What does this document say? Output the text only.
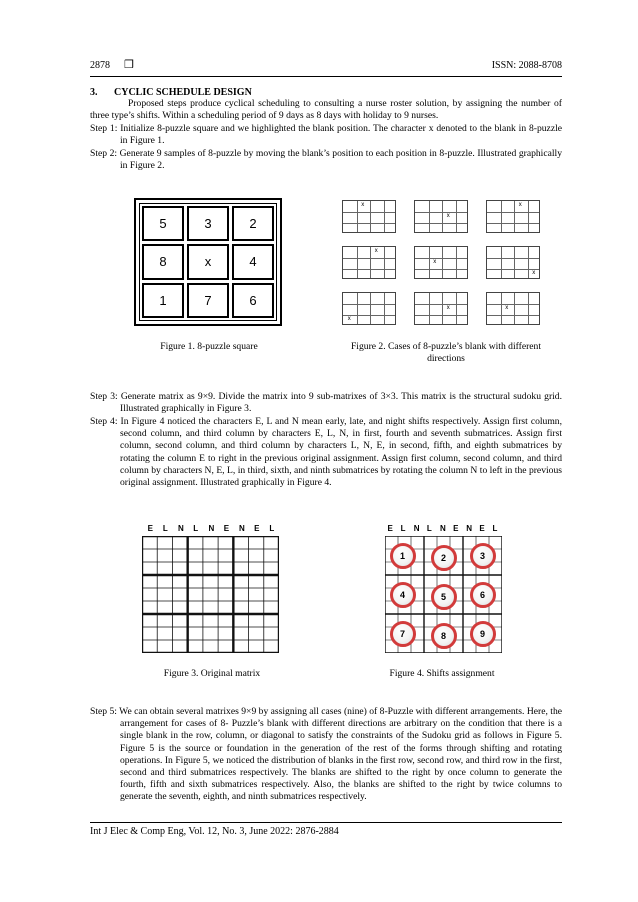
2878 ❒	ISSN: 2088-8708
3. CYCLIC SCHEDULE DESIGN
Proposed steps produce cyclical scheduling to consulting a nurse roster solution, by assigning the number of three type’s shifts. Within a scheduling period of 9 days as 8 days with holiday to 9 nurses.
Step 1: Initialize 8-puzzle square and we highlighted the blank position. The character x denoted to the blank in 8-puzzle in Figure 1.
Step 2: Generate 9 samples of 8-puzzle by moving the blank’s position to each position in 8-puzzle. Illustrated graphically in Figure 2.
5	3	2
8	x	4
1	7	6
Figure 1. 8-puzzle square
x
x
x
x
x
x
x
x	x
Figure 2. Cases of 8-puzzle’s blank with different directions
Step 3: Generate matrix as 9×9. Divide the matrix into 9 sub-matrixes of 3×3. This matrix is the structural sudoku grid. Illustrated graphically in Figure 3.
Step 4: In Figure 4 noticed the characters E, L and N mean early, late, and night shifts respectively. Assign first column, second column, and third column by characters E, L, N, in first, fourth and seventh submatrices. Assign first column, second column, and third column by characters L, N, E, in second, fifth, and eighth submatrices by rotating the column E to right in the previous original assignment. Assign first column, second column, and third column by characters N, E, L, in third, sixth, and ninth submatrices by rotating the column N to left in the previous original assignment. Illustrated graphically in Figure 4.
E L N L N E N E L
Figure 3. Original matrix
E L N L N E N E L
1	2	3
4	5	6
7	8	9
Figure 4. Shifts assignment
Step 5: We can obtain several matrixes 9×9 by assigning all cases (nine) of 8-Puzzle with different arrangements. Here, the arrangement for cases of 8- Puzzle’s blank with different directions are arbitrary on the condition that there is a single blank in the row, column, or diagonal to satisfy the constraints of the Sudoku grid as follows in Figure 5. Figure 5 is the source or foundation in the generation of the rest of the forms through shifting and rotating operations. In Figure 5, we noticed the distribution of blanks in the first row, second row, and third row in the first, second and third submatrices respectively. The blanks are shifted to the right by once column to generate the fourth, fifth and sixth submatrices respectively. Also, the blanks are shifted to the right by twice columns to generate the seventh, eighth, and ninth submatrices respectively.
Int J Elec & Comp Eng, Vol. 12, No. 3, June 2022: 2876-2884
